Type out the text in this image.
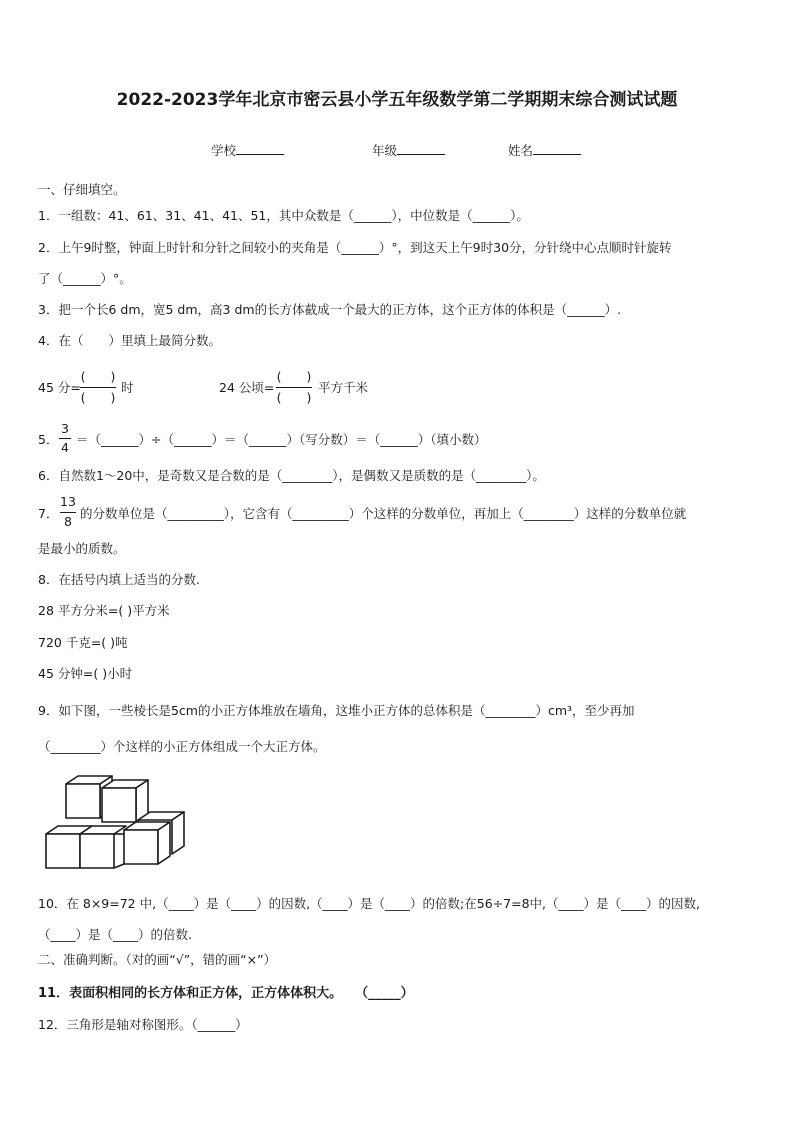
2022-2023学年北京市密云县小学五年级数学第二学期期末综合测试试题
学校	年级	姓名
一、仔细填空。
1．一组数：41、61、31、41、41、51，其中众数是（______），中位数是（______）。
2．上午9时整，钟面上时针和分针之间较小的夹角是（______）°，到这天上午9时30分，分针绕中心点顺时针旋转
了（______）°。
3．把一个长6 dm，宽5 dm，高3 dm的长方体截成一个最大的正方体，这个正方体的体积是（______）.
4．在（　　）里填上最简分数。
45 分=
(　　)
(　　)
时	24 公顷=
(　　)
(　　)
平方千米
5．
3
4
＝（______）÷（______）＝（______）（写分数）＝（______）（填小数）
6．自然数1～20中，是奇数又是合数的是（________），是偶数又是质数的是（________）。
7．
13
8
的分数单位是（_________），它含有（_________）个这样的分数单位，再加上（________）这样的分数单位就
是最小的质数。
8．在括号内填上适当的分数.
28 平方分米=( )平方米
720 千克=( )吨
45 分钟=( )小时
9．如下图，一些棱长是5cm的小正方体堆放在墙角，这堆小正方体的总体积是（________）cm³，至少再加
（________）个这样的小正方体组成一个大正方体。
10．在 8×9=72 中,（____）是（____）的因数,（____）是（____）的倍数;在56÷7=8中,（____）是（____）的因数,
（____）是（____）的倍数.
二、准确判断。（对的画“√”，错的画“×”）
11．表面积相同的长方体和正方体，正方体体积大。　　（_____）
12．三角形是轴对称图形。（______）
